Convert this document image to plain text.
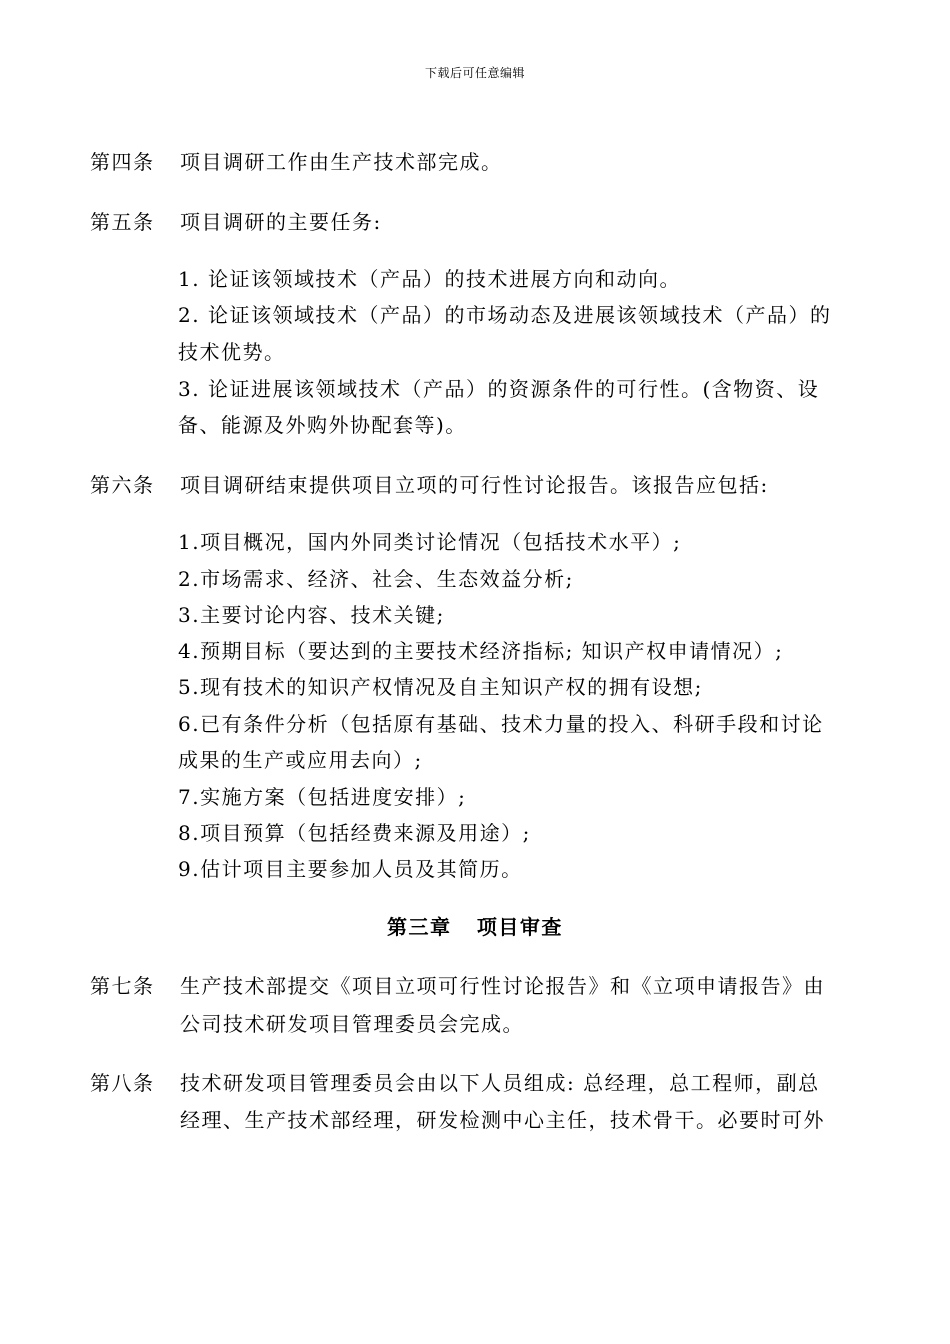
下载后可任意编辑
第四条 项目调研工作由生产技术部完成。
第五条 项目调研的主要任务:
1. 论证该领域技术（产品）的技术进展方向和动向。
2. 论证该领域技术（产品）的市场动态及进展该领域技术（产品）的
技术优势。
3. 论证进展该领域技术（产品）的资源条件的可行性。(含物资、设
备、能源及外购外协配套等)。
第六条 项目调研结束提供项目立项的可行性讨论报告。该报告应包括:
1.项目概况，国内外同类讨论情况（包括技术水平）;
2.市场需求、经济、社会、生态效益分析;
3.主要讨论内容、技术关键;
4.预期目标（要达到的主要技术经济指标; 知识产权申请情况）;
5.现有技术的知识产权情况及自主知识产权的拥有设想;
6.已有条件分析（包括原有基础、技术力量的投入、科研手段和讨论
成果的生产或应用去向）;
7.实施方案（包括进度安排）;
8.项目预算（包括经费来源及用途）;
9.估计项目主要参加人员及其简历。
第三章   项目审查
第七条 生产技术部提交《项目立项可行性讨论报告》和《立项申请报告》由
公司技术研发项目管理委员会完成。
第八条 技术研发项目管理委员会由以下人员组成: 总经理，总工程师，副总
经理、生产技术部经理，研发检测中心主任，技术骨干。必要时可外
